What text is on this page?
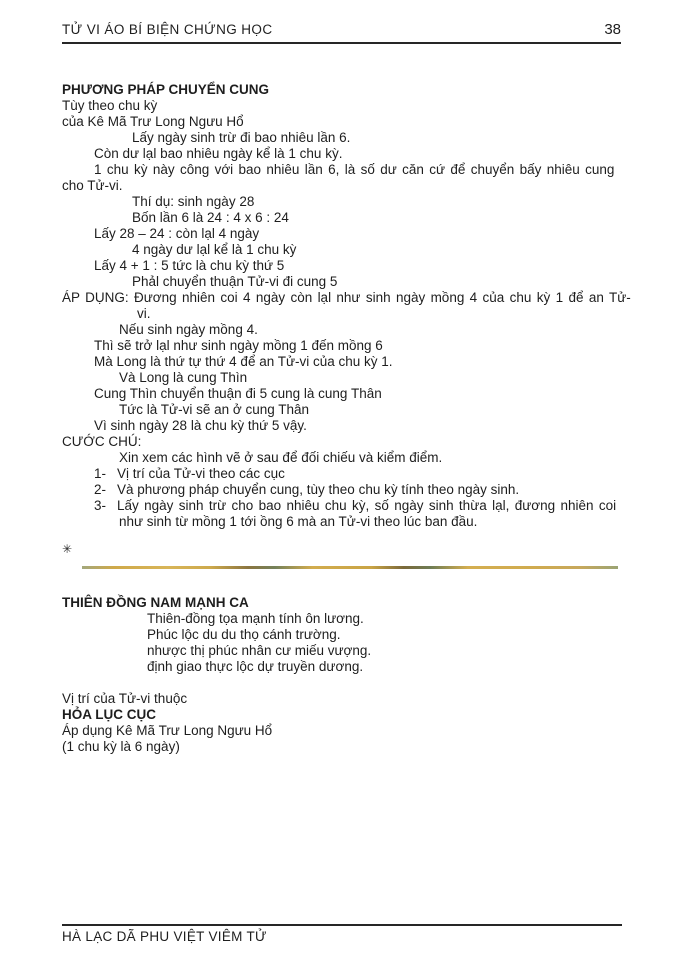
TỬ VI ÁO BÍ BIỆN CHỨNG HỌC	38
PHƯƠNG PHÁP CHUYỂN CUNG
Tùy theo chu kỳ
của Kê Mã Trư Long Ngưu Hổ
Lấy ngày sinh trừ đi bao nhiêu lần 6.
Còn dư lạl bao nhiêu ngày kể là 1 chu kỳ.
1 chu kỳ này công với bao nhiêu lần 6, là số dư căn cứ để chuyển bấy nhiêu cung
cho Tử-vi.
Thí dụ: sinh ngày 28
Bốn lần 6 là 24 : 4 x 6 : 24
Lấy 28 – 24 : còn lạl 4 ngày
4 ngày dư lạl kể là 1 chu kỳ
Lấy 4 + 1 : 5 tức là chu kỳ thứ 5
Phảl chuyển thuận Tử-vi đi cung 5
ÁP DỤNG: Đương nhiên coi 4 ngày còn lạl như sinh ngày mồng 4 của chu kỳ 1 để an Tử-
vi.
Nếu sinh ngày mồng 4.
Thì sẽ trở lạl như sinh ngày mồng 1 đến mồng 6
Mà Long là thứ tự thứ 4 để an Tử-vi của chu kỳ 1.
Và Long là cung Thìn
Cung Thìn chuyển thuận đi 5 cung là cung Thân
Tức là Tử-vi sẽ an ở cung Thân
Vì sinh ngày 28 là chu kỳ thứ 5 vậy.
CƯỚC CHÚ:
Xin xem các hình vẽ ở sau để đối chiếu và kiểm điểm.
1- Vị trí của Tử-vi theo các cục
2- Và phương pháp chuyển cung, tùy theo chu kỳ tính theo ngày sinh.
3- Lấy ngày sinh trừ cho bao nhiêu chu kỳ, số ngày sinh thừa lạl, đương nhiên coi
như sinh từ mồng 1 tới ồng 6 mà an Tử-vi theo lúc ban đầu.
✳
THIÊN ĐỒNG NAM MẠNH CA
Thiên-đồng tọa mạnh tính ôn lương.
Phúc lộc du du thọ cánh trường.
nhược thị phúc nhân cư miếu vượng.
định giao thực lộc dự truyền dương.
Vị trí của Tử-vi thuộc
HỎA LỤC CỤC
Áp dụng Kê Mã Trư Long Ngưu Hổ
(1 chu kỳ là 6 ngày)
HÀ LẠC DÃ PHU VIỆT VIÊM TỬ
